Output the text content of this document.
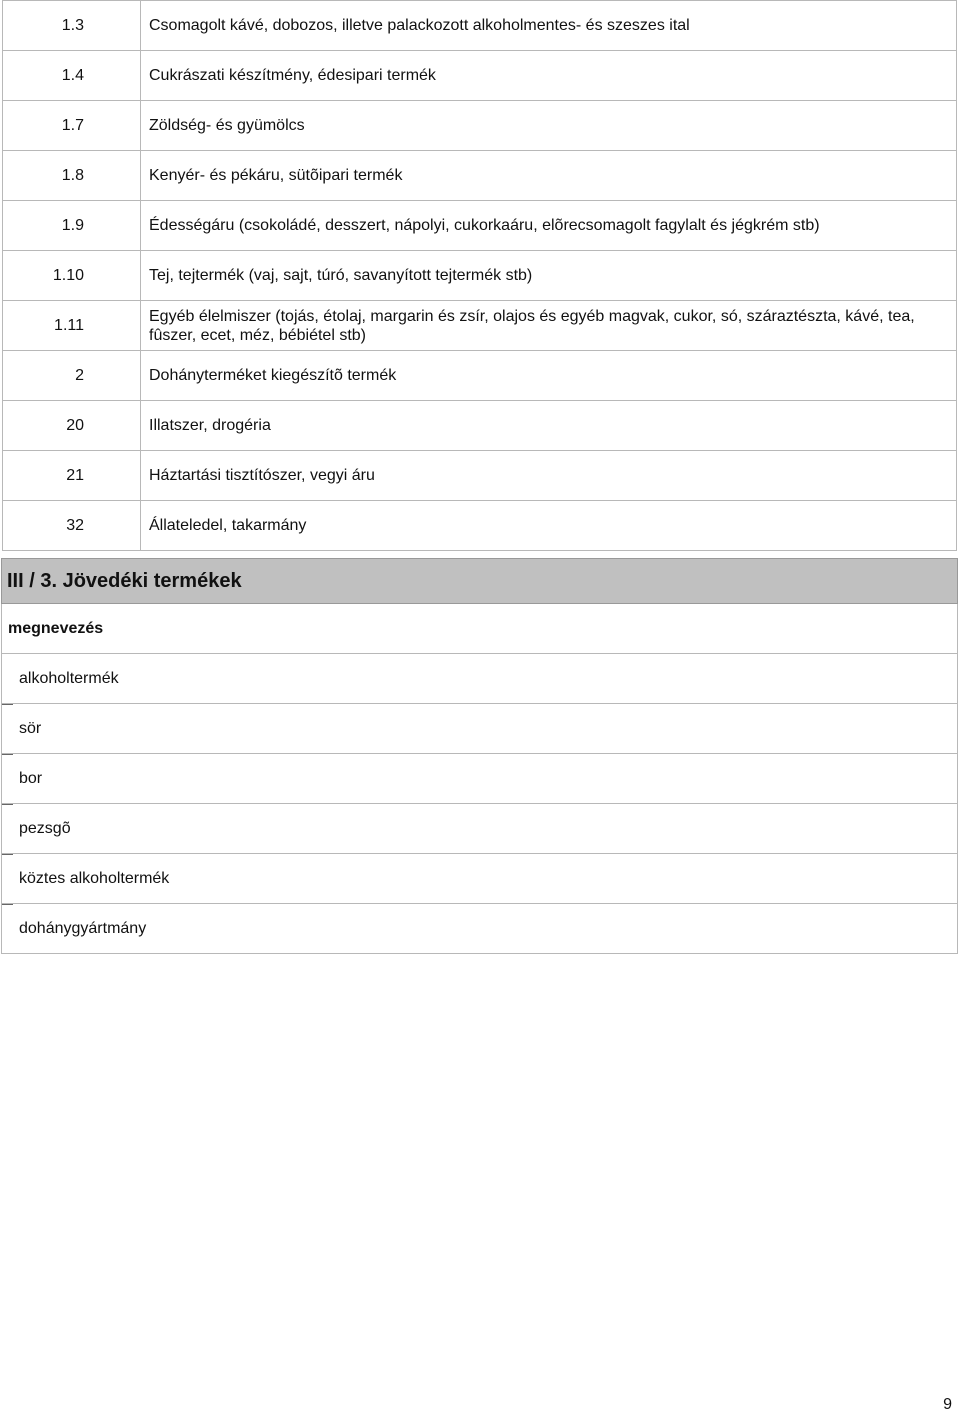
1.3	Csomagolt kávé, dobozos, illetve palackozott alkoholmentes- és szeszes ital
1.4	Cukrászati készítmény, édesipari termék
1.7	Zöldség- és gyümölcs
1.8	Kenyér- és pékáru, sütõipari termék
1.9	Édességáru (csokoládé, desszert, nápolyi, cukorkaáru, elõrecsomagolt fagylalt és jégkrém stb)
1.10	Tej, tejtermék (vaj, sajt, túró, savanyított tejtermék stb)
1.11	Egyéb élelmiszer (tojás, étolaj, margarin és zsír, olajos és egyéb magvak, cukor, só, száraztészta, kávé, tea, fûszer, ecet, méz, bébiétel stb)
2	Dohányterméket kiegészítõ termék
20	Illatszer, drogéria
21	Háztartási tisztítószer, vegyi áru
32	Állateledel, takarmány
III / 3. Jövedéki termékek
megnevezés
alkoholtermék

sör

bor

pezsgõ

köztes alkoholtermék

dohánygyártmány
9
